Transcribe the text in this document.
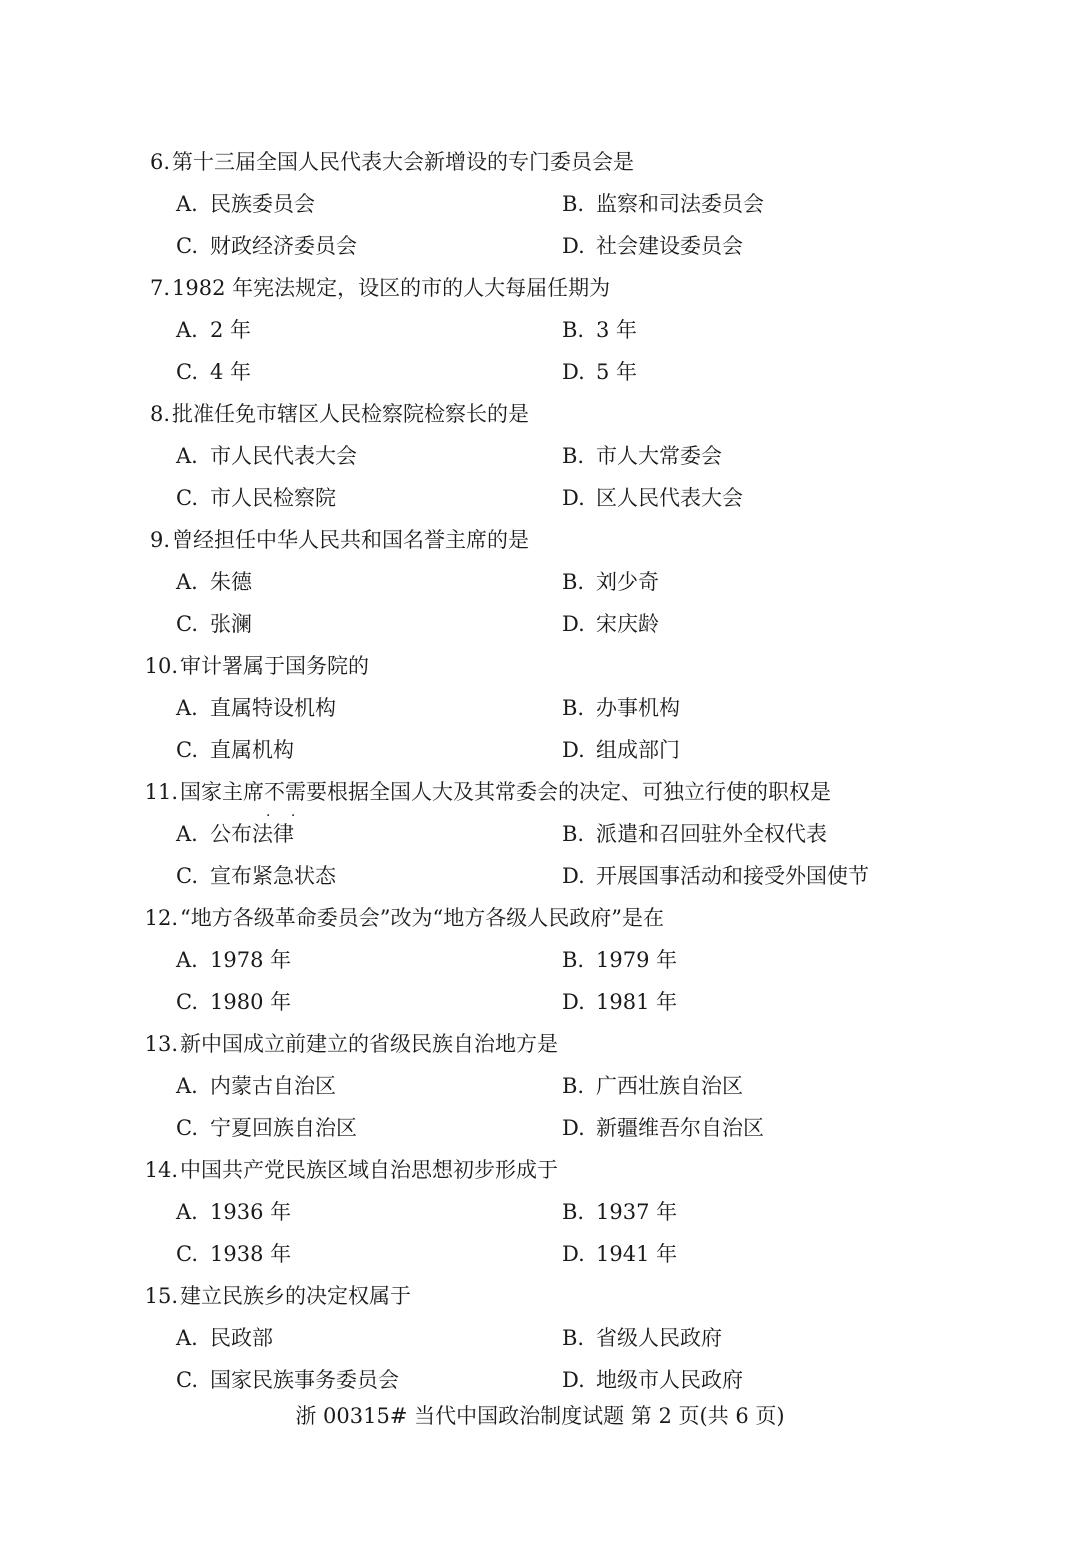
6.第十三届全国人民代表大会新增设的专门委员会是
A. 民族委员会	B. 监察和司法委员会
C. 财政经济委员会	D. 社会建设委员会
7.1982 年宪法规定，设区的市的人大每届任期为
A. 2 年	B. 3 年
C. 4 年	D. 5 年
8.批准任免市辖区人民检察院检察长的是
A. 市人民代表大会	B. 市人大常委会
C. 市人民检察院	D. 区人民代表大会
9.曾经担任中华人民共和国名誉主席的是
A. 朱德	B. 刘少奇
C. 张澜	D. 宋庆龄
10.审计署属于国务院的
A. 直属特设机构	B. 办事机构
C. 直属机构	D. 组成部门
11.国家主席不需要 · ·根据全国人大及其常委会的决定、可独立行使的职权是
A. 公布法律	B. 派遣和召回驻外全权代表
C. 宣布紧急状态	D. 开展国事活动和接受外国使节
12.“地方各级革命委员会”改为“地方各级人民政府”是在
A. 1978 年	B. 1979 年
C. 1980 年	D. 1981 年
13.新中国成立前建立的省级民族自治地方是
A. 内蒙古自治区	B. 广西壮族自治区
C. 宁夏回族自治区	D. 新疆维吾尔自治区
14.中国共产党民族区域自治思想初步形成于
A. 1936 年	B. 1937 年
C. 1938 年	D. 1941 年
15.建立民族乡的决定权属于
A. 民政部	B. 省级人民政府
C. 国家民族事务委员会	D. 地级市人民政府
浙 00315# 当代中国政治制度试题 第 2 页(共 6 页)
